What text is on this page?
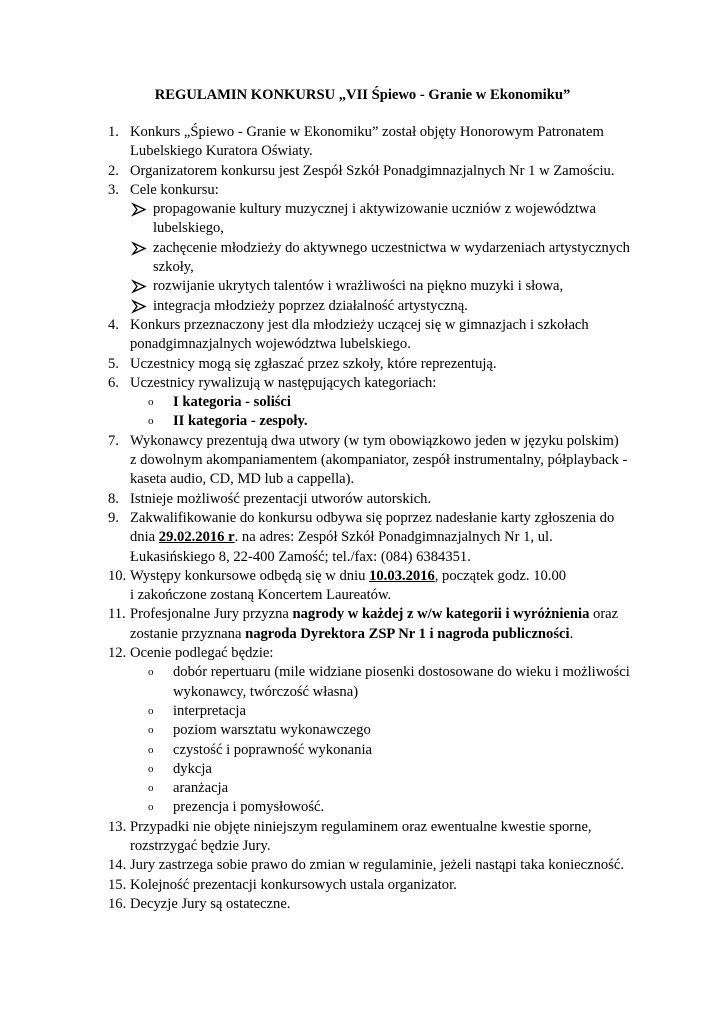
REGULAMIN KONKURSU „VII Śpiewo - Granie w Ekonomiku”
1. Konkurs „Śpiewo - Granie w Ekonomiku” został objęty Honorowym Patronatem
Lubelskiego Kuratora Oświaty.
2. Organizatorem konkursu jest Zespół Szkół Ponadgimnazjalnych Nr 1 w Zamościu.
3. Cele konkursu:
propagowanie kultury muzycznej i aktywizowanie uczniów z województwa
lubelskiego,
zachęcenie młodzieży do aktywnego uczestnictwa w wydarzeniach artystycznych
szkoły,
rozwijanie ukrytych talentów i wrażliwości na piękno muzyki i słowa,
integracja młodzieży poprzez działalność artystyczną.
4. Konkurs przeznaczony jest dla młodzieży uczącej się w gimnazjach i szkołach
ponadgimnazjalnych województwa lubelskiego.
5. Uczestnicy mogą się zgłaszać przez szkoły, które reprezentują.
6. Uczestnicy rywalizują w następujących kategoriach:
o I kategoria - soliści
o II kategoria - zespoły.
7. Wykonawcy prezentują dwa utwory (w tym obowiązkowo jeden w języku polskim)
z dowolnym akompaniamentem (akompaniator, zespół instrumentalny, półplayback -
kaseta audio, CD, MD lub a cappella).
8. Istnieje możliwość prezentacji utworów autorskich.
9. Zakwalifikowanie do konkursu odbywa się poprzez nadesłanie karty zgłoszenia do
dnia 29.02.2016 r. na adres: Zespół Szkół Ponadgimnazjalnych Nr 1, ul.
Łukasińskiego 8, 22-400 Zamość; tel./fax: (084) 6384351.
10. Występy konkursowe odbędą się w dniu 10.03.2016, początek godz. 10.00
i zakończone zostaną Koncertem Laureatów.
11. Profesjonalne Jury przyzna nagrody w każdej z w/w kategorii i wyróżnienia oraz
zostanie przyznana nagroda Dyrektora ZSP Nr 1 i nagroda publiczności.
12. Ocenie podlegać będzie:
o dobór repertuaru (mile widziane piosenki dostosowane do wieku i możliwości
wykonawcy, twórczość własna)
o interpretacja
o poziom warsztatu wykonawczego
o czystość i poprawność wykonania
o dykcja
o aranżacja
o prezencja i pomysłowość.
13. Przypadki nie objęte niniejszym regulaminem oraz ewentualne kwestie sporne,
rozstrzygać będzie Jury.
14. Jury zastrzega sobie prawo do zmian w regulaminie, jeżeli nastąpi taka konieczność.
15. Kolejność prezentacji konkursowych ustala organizator.
16. Decyzje Jury są ostateczne.
